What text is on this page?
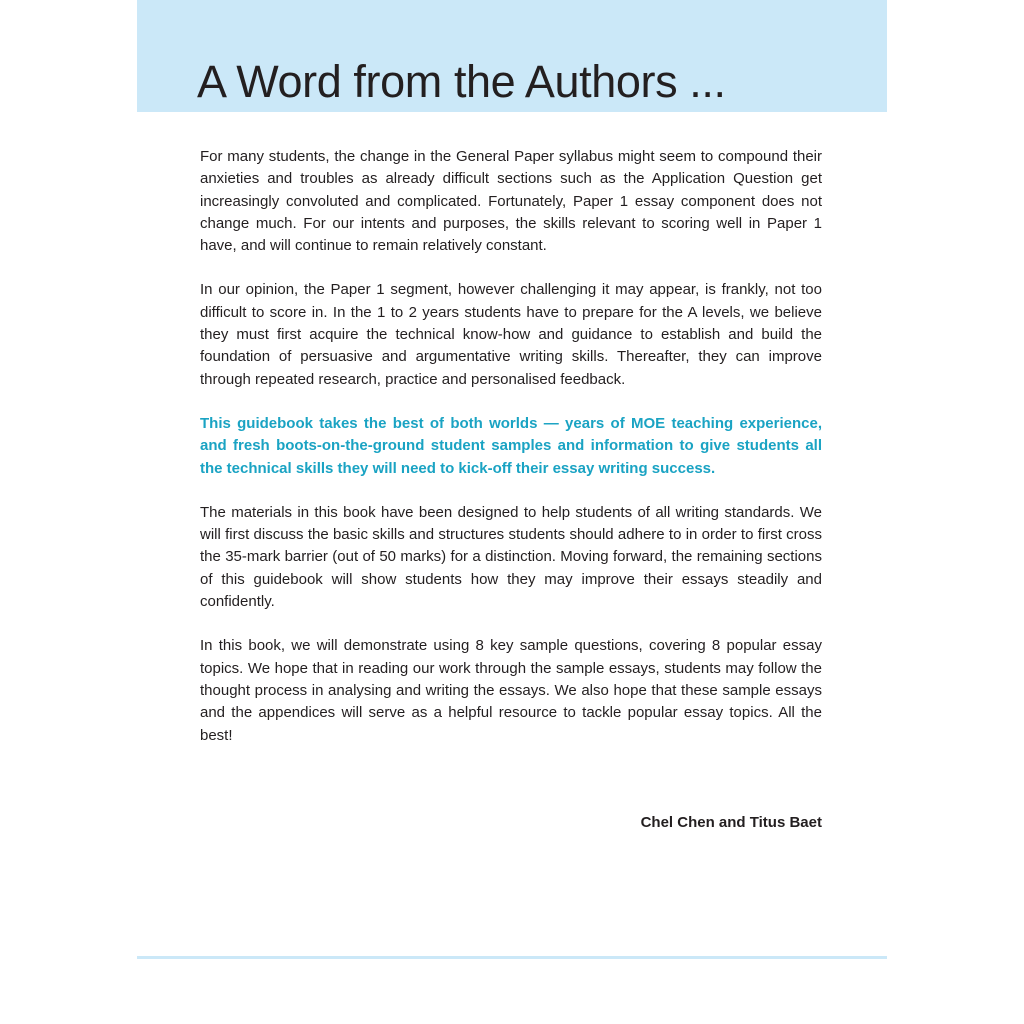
A Word from the Authors ...

For many students, the change in the General Paper syllabus might seem to compound their anxieties and troubles as already difficult sections such as the Application Question get increasingly convoluted and complicated. Fortunately, Paper 1 essay component does not change much. For our intents and purposes, the skills relevant to scoring well in Paper 1 have, and will continue to remain relatively constant.

In our opinion, the Paper 1 segment, however challenging it may appear, is frankly, not too difficult to score in. In the 1 to 2 years students have to prepare for the A levels, we believe they must first acquire the technical know-how and guidance to establish and build the foundation of persuasive and argumentative writing skills. Thereafter, they can improve through repeated research, practice and personalised feedback.

This guidebook takes the best of both worlds — years of MOE teaching experience, and fresh boots-on-the-ground student samples and information to give students all the technical skills they will need to kick-off their essay writing success.

The materials in this book have been designed to help students of all writing standards. We will first discuss the basic skills and structures students should adhere to in order to first cross the 35-mark barrier (out of 50 marks) for a distinction. Moving forward, the remaining sections of this guidebook will show students how they may improve their essays steadily and confidently.

In this book, we will demonstrate using 8 key sample questions, covering 8 popular essay topics. We hope that in reading our work through the sample essays, students may follow the thought process in analysing and writing the essays. We also hope that these sample essays and the appendices will serve as a helpful resource to tackle popular essay topics. All the best!

Chel Chen and Titus Baet
